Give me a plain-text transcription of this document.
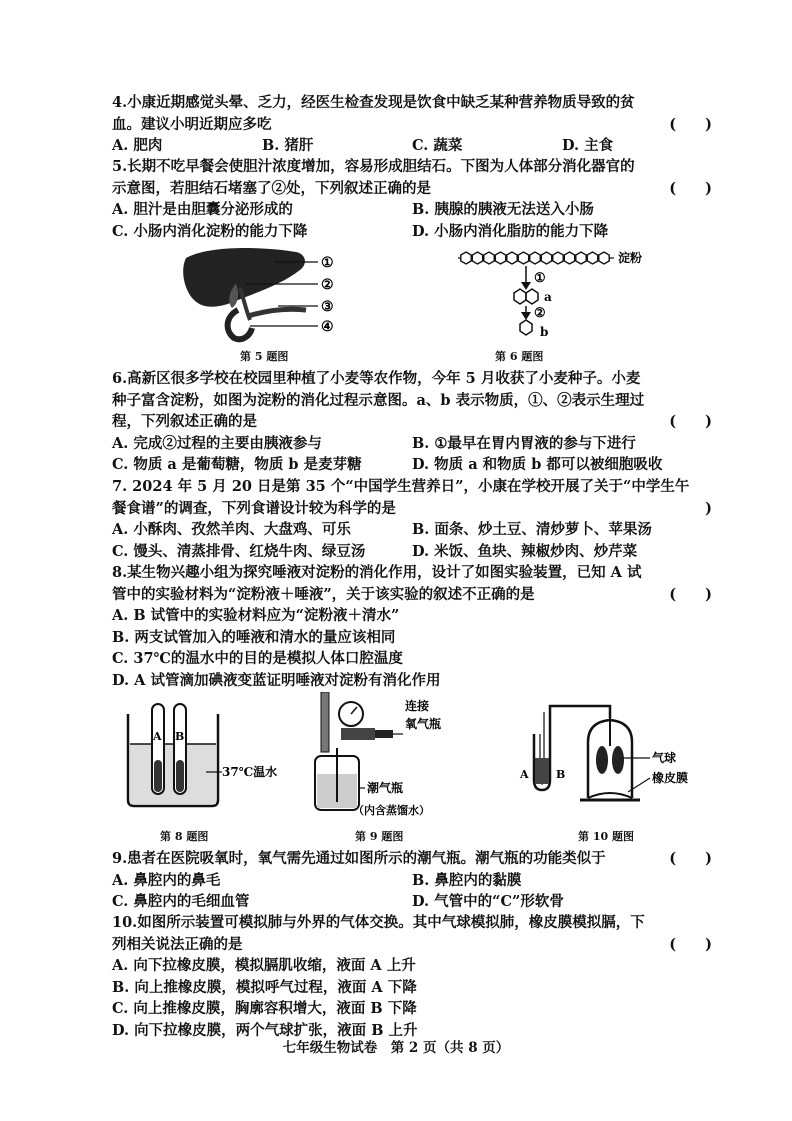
4.小康近期感觉头晕、乏力，经医生检查发现是饮食中缺乏某种营养物质导致的贫
血。建议小明近期应多吃	(　　)
A. 肥肉	B. 猪肝	C. 蔬菜	D. 主食
5.长期不吃早餐会使胆汁浓度增加，容易形成胆结石。下图为人体部分消化器官的
示意图，若胆结石堵塞了②处，下列叙述正确的是	(　　)
A. 胆汁是由胆囊分泌形成的	B. 胰腺的胰液无法送入小肠
C. 小肠内消化淀粉的能力下降	D. 小肠内消化脂肪的能力下降
①
②
③
④
第 5 题图
淀粉
①
a
②
b
第 6 题图
6.高新区很多学校在校园里种植了小麦等农作物，今年 5 月收获了小麦种子。小麦
种子富含淀粉，如图为淀粉的消化过程示意图。a、b 表示物质，①、②表示生理过
程，下列叙述正确的是	(　　)
A. 完成②过程的主要由胰液参与	B. ①最早在胃内胃液的参与下进行
C. 物质 a 是葡萄糖，物质 b 是麦芽糖	D. 物质 a 和物质 b 都可以被细胞吸收
7. 2024 年 5 月 20 日是第 35 个“中国学生营养日”，小康在学校开展了关于“中学生午
餐食谱”的调查，下列食谱设计较为科学的是	)
A. 小酥肉、孜然羊肉、大盘鸡、可乐	B. 面条、炒土豆、清炒萝卜、苹果汤
C. 馒头、清蒸排骨、红烧牛肉、绿豆汤	D. 米饭、鱼块、辣椒炒肉、炒芹菜
8.某生物兴趣小组为探究唾液对淀粉的消化作用，设计了如图实验装置，已知 A 试
管中的实验材料为“淀粉液＋唾液”，关于该实验的叙述不正确的是	(　　)
A. B 试管中的实验材料应为“淀粉液＋清水”
B. 两支试管加入的唾液和清水的量应该相同
C. 37℃的温水中的目的是模拟人体口腔温度
D. A 试管滴加碘液变蓝证明唾液对淀粉有消化作用
A B
37℃温水
第 8 题图
连接
氧气瓶
潮气瓶
（内含蒸馏水）
第 9 题图
A B
气球
橡皮膜
第 10 题图
9.患者在医院吸氧时，氧气需先通过如图所示的潮气瓶。潮气瓶的功能类似于	(　　)
A. 鼻腔内的鼻毛	B. 鼻腔内的黏膜
C. 鼻腔内的毛细血管	D. 气管中的“C”形软骨
10.如图所示装置可模拟肺与外界的气体交换。其中气球模拟肺，橡皮膜模拟膈，下
列相关说法正确的是	(　　)
A. 向下拉橡皮膜，模拟膈肌收缩，液面 A 上升
B. 向上推橡皮膜，模拟呼气过程，液面 A 下降
C. 向上推橡皮膜，胸廓容积增大，液面 B 下降
D. 向下拉橡皮膜，两个气球扩张，液面 B 上升
七年级生物试卷　第 2 页（共 8 页）
